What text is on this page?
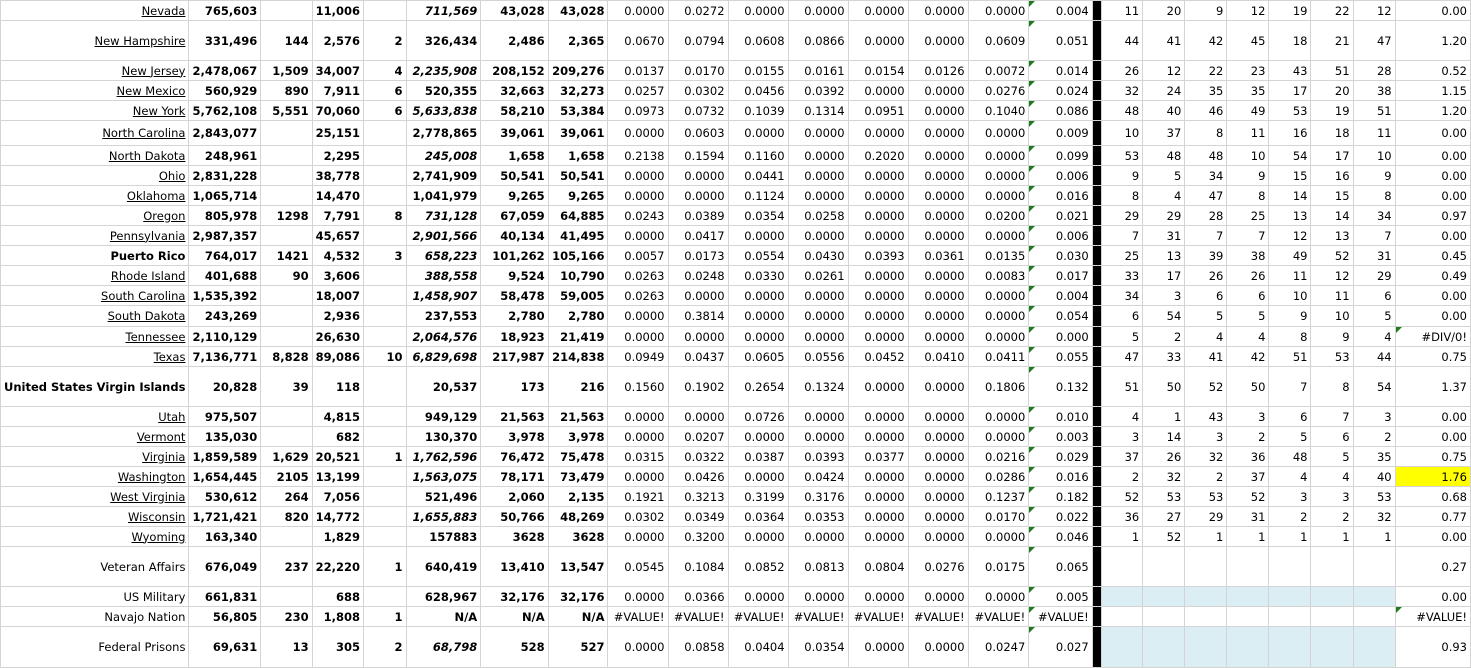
Nevada	765,603		11,006		711,569	43,028	43,028	0.0000	0.0272	0.0000	0.0000	0.0000	0.0000	0.0000	0.004		11	20	9	12	19	22	12	0.00
New Hampshire	331,496	144	2,576	2	326,434	2,486	2,365	0.0670	0.0794	0.0608	0.0866	0.0000	0.0000	0.0609	0.051		44	41	42	45	18	21	47	1.20
New Jersey	2,478,067	1,509	34,007	4	2,235,908	208,152	209,276	0.0137	0.0170	0.0155	0.0161	0.0154	0.0126	0.0072	0.014		26	12	22	23	43	51	28	0.52
New Mexico	560,929	890	7,911	6	520,355	32,663	32,273	0.0257	0.0302	0.0456	0.0392	0.0000	0.0000	0.0276	0.024		32	24	35	35	17	20	38	1.15
New York	5,762,108	5,551	70,060	6	5,633,838	58,210	53,384	0.0973	0.0732	0.1039	0.1314	0.0951	0.0000	0.1040	0.086		48	40	46	49	53	19	51	1.20
North Carolina	2,843,077		25,151		2,778,865	39,061	39,061	0.0000	0.0603	0.0000	0.0000	0.0000	0.0000	0.0000	0.009		10	37	8	11	16	18	11	0.00
North Dakota	248,961		2,295		245,008	1,658	1,658	0.2138	0.1594	0.1160	0.0000	0.2020	0.0000	0.0000	0.099		53	48	48	10	54	17	10	0.00
Ohio	2,831,228		38,778		2,741,909	50,541	50,541	0.0000	0.0000	0.0441	0.0000	0.0000	0.0000	0.0000	0.006		9	5	34	9	15	16	9	0.00
Oklahoma	1,065,714		14,470		1,041,979	9,265	9,265	0.0000	0.0000	0.1124	0.0000	0.0000	0.0000	0.0000	0.016		8	4	47	8	14	15	8	0.00
Oregon	805,978	1298	7,791	8	731,128	67,059	64,885	0.0243	0.0389	0.0354	0.0258	0.0000	0.0000	0.0200	0.021		29	29	28	25	13	14	34	0.97
Pennsylvania	2,987,357		45,657		2,901,566	40,134	41,495	0.0000	0.0417	0.0000	0.0000	0.0000	0.0000	0.0000	0.006		7	31	7	7	12	13	7	0.00
Puerto Rico	764,017	1421	4,532	3	658,223	101,262	105,166	0.0057	0.0173	0.0554	0.0430	0.0393	0.0361	0.0135	0.030		25	13	39	38	49	52	31	0.45
Rhode Island	401,688	90	3,606		388,558	9,524	10,790	0.0263	0.0248	0.0330	0.0261	0.0000	0.0000	0.0083	0.017		33	17	26	26	11	12	29	0.49
South Carolina	1,535,392		18,007		1,458,907	58,478	59,005	0.0263	0.0000	0.0000	0.0000	0.0000	0.0000	0.0000	0.004		34	3	6	6	10	11	6	0.00
South Dakota	243,269		2,936		237,553	2,780	2,780	0.0000	0.3814	0.0000	0.0000	0.0000	0.0000	0.0000	0.054		6	54	5	5	9	10	5	0.00
Tennessee	2,110,129		26,630		2,064,576	18,923	21,419	0.0000	0.0000	0.0000	0.0000	0.0000	0.0000	0.0000	0.000		5	2	4	4	8	9	4	#DIV/0!
Texas	7,136,771	8,828	89,086	10	6,829,698	217,987	214,838	0.0949	0.0437	0.0605	0.0556	0.0452	0.0410	0.0411	0.055		47	33	41	42	51	53	44	0.75
United States Virgin Islands	20,828	39	118		20,537	173	216	0.1560	0.1902	0.2654	0.1324	0.0000	0.0000	0.1806	0.132		51	50	52	50	7	8	54	1.37
Utah	975,507		4,815		949,129	21,563	21,563	0.0000	0.0000	0.0726	0.0000	0.0000	0.0000	0.0000	0.010		4	1	43	3	6	7	3	0.00
Vermont	135,030		682		130,370	3,978	3,978	0.0000	0.0207	0.0000	0.0000	0.0000	0.0000	0.0000	0.003		3	14	3	2	5	6	2	0.00
Virginia	1,859,589	1,629	20,521	1	1,762,596	76,472	75,478	0.0315	0.0322	0.0387	0.0393	0.0377	0.0000	0.0216	0.029		37	26	32	36	48	5	35	0.75
Washington	1,654,445	2105	13,199		1,563,075	78,171	73,479	0.0000	0.0426	0.0000	0.0424	0.0000	0.0000	0.0286	0.016		2	32	2	37	4	4	40	1.76
West Virginia	530,612	264	7,056		521,496	2,060	2,135	0.1921	0.3213	0.3199	0.3176	0.0000	0.0000	0.1237	0.182		52	53	53	52	3	3	53	0.68
Wisconsin	1,721,421	820	14,772		1,655,883	50,766	48,269	0.0302	0.0349	0.0364	0.0353	0.0000	0.0000	0.0170	0.022		36	27	29	31	2	2	32	0.77
Wyoming	163,340		1,829		157883	3628	3628	0.0000	0.3200	0.0000	0.0000	0.0000	0.0000	0.0000	0.046		1	52	1	1	1	1	1	0.00
Veteran Affairs	676,049	237	22,220	1	640,419	13,410	13,547	0.0545	0.1084	0.0852	0.0813	0.0804	0.0276	0.0175	0.065									0.27
US Military	661,831		688		628,967	32,176	32,176	0.0000	0.0366	0.0000	0.0000	0.0000	0.0000	0.0000	0.005									0.00
Navajo Nation	56,805	230	1,808	1	N/A	N/A	N/A	#VALUE!	#VALUE!	#VALUE!	#VALUE!	#VALUE!	#VALUE!	#VALUE!	#VALUE!									#VALUE!
Federal Prisons	69,631	13	305	2	68,798	528	527	0.0000	0.0858	0.0404	0.0354	0.0000	0.0000	0.0247	0.027									0.93
